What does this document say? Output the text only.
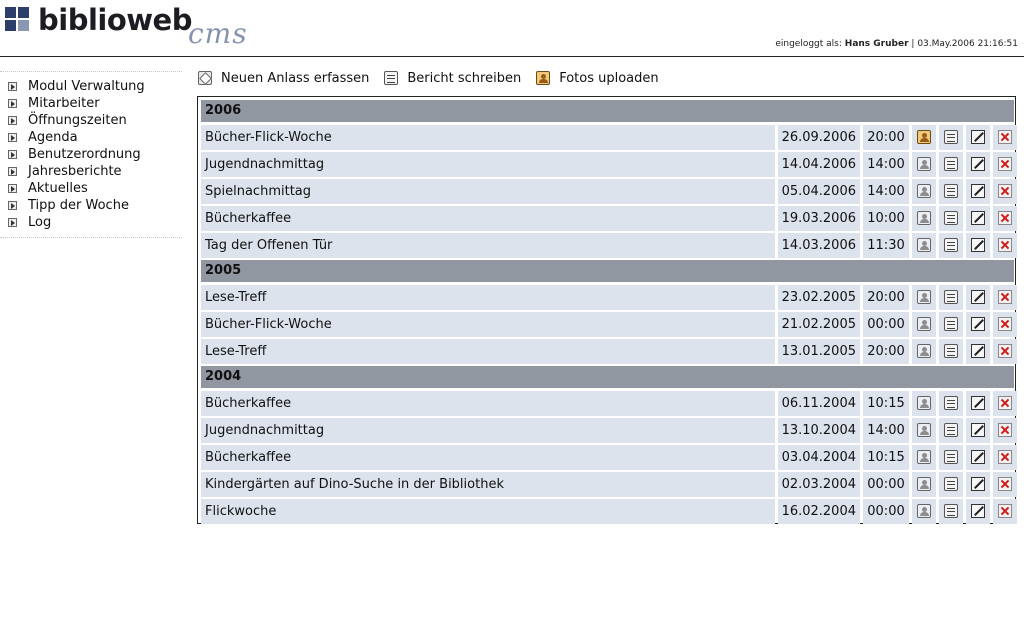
biblioweb
cms	eingeloggt als: Hans Gruber | 03.May.2006 21:16:51
Modul Verwaltung
Mitarbeiter
Öffnungszeiten
Agenda
Benutzerordnung
Jahresberichte
Aktuelles
Tipp der Woche
Log
Neuen Anlass erfassen	Bericht schreiben	Fotos uploaden
2006
Bücher-Flick-Woche	26.09.2006 20:00
Jugendnachmittag	14.04.2006 14:00
Spielnachmittag	05.04.2006 14:00
Bücherkaffee	19.03.2006 10:00
Tag der Offenen Tür	14.03.2006 11:30
2005
Lese-Treff	23.02.2005 20:00
Bücher-Flick-Woche	21.02.2005 00:00
Lese-Treff	13.01.2005 20:00
2004
Bücherkaffee	06.11.2004 10:15
Jugendnachmittag	13.10.2004 14:00
Bücherkaffee	03.04.2004 10:15
Kindergärten auf Dino-Suche in der Bibliothek	02.03.2004 00:00
Flickwoche	16.02.2004 00:00
